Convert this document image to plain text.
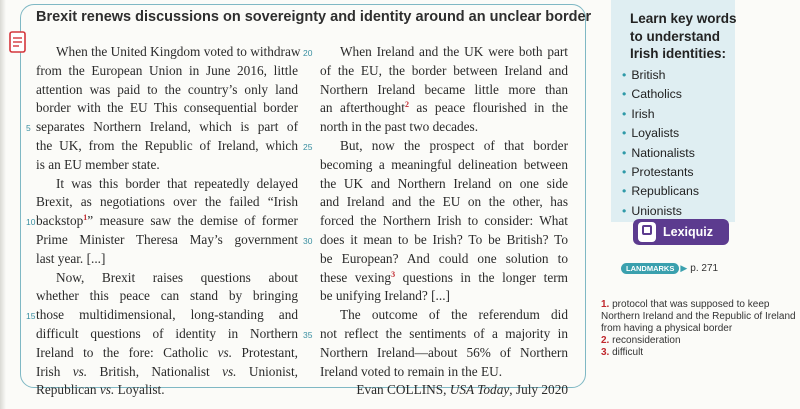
Brexit renews discussions on sovereignty and identity around an unclear border
When the United Kingdom voted to withdraw
from the European Union in June 2016, little
attention was paid to the country’s only land
border with the EU This consequential border
separates Northern Ireland, which is part of
the UK, from the Republic of Ireland, which
is an EU member state.
It was this border that repeatedly delayed
Brexit, as negotiations over the failed “Irish
backstop$^1$” measure saw the demise of former
Prime Minister Theresa May’s government
last year. [...]
Now, Brexit raises questions about
whether this peace can stand by bringing
those multidimensional, long-standing and
difficult questions of identity in Northern
Ireland to the fore: Catholic vs. Protestant,
Irish vs. British, Nationalist vs. Unionist,
Republican vs. Loyalist.
When Ireland and the UK were both part
of the EU, the border between Ireland and
Northern Ireland became little more than
an afterthought$^2$ as peace flourished in the
north in the past two decades.
But, now the prospect of that border
becoming a meaningful delineation between
the UK and Northern Ireland on one side
and Ireland and the EU on the other, has
forced the Northern Irish to consider: What
does it mean to be Irish? To be British? To
be European? And could one solution to
these vexing$^3$ questions in the longer term
be unifying Ireland? [...]
The outcome of the referendum did
not reflect the sentiments of a majority in
Northern Ireland—about 56% of Northern
Ireland voted to remain in the EU.
Evan COLLINS, USA Today, July 2020
Learn key words to understand Irish identities:
• British
• Catholics
• Irish
• Loyalists
• Nationalists
• Protestants
• Republicans
• Unionists
Lexiquiz
LANDMARKS ▶ p. 271
1. protocol that was supposed to keep Northern Ireland and the Republic of Ireland from having a physical border
2. reconsideration
3. difficult
5
10
15
20
25
30
35
